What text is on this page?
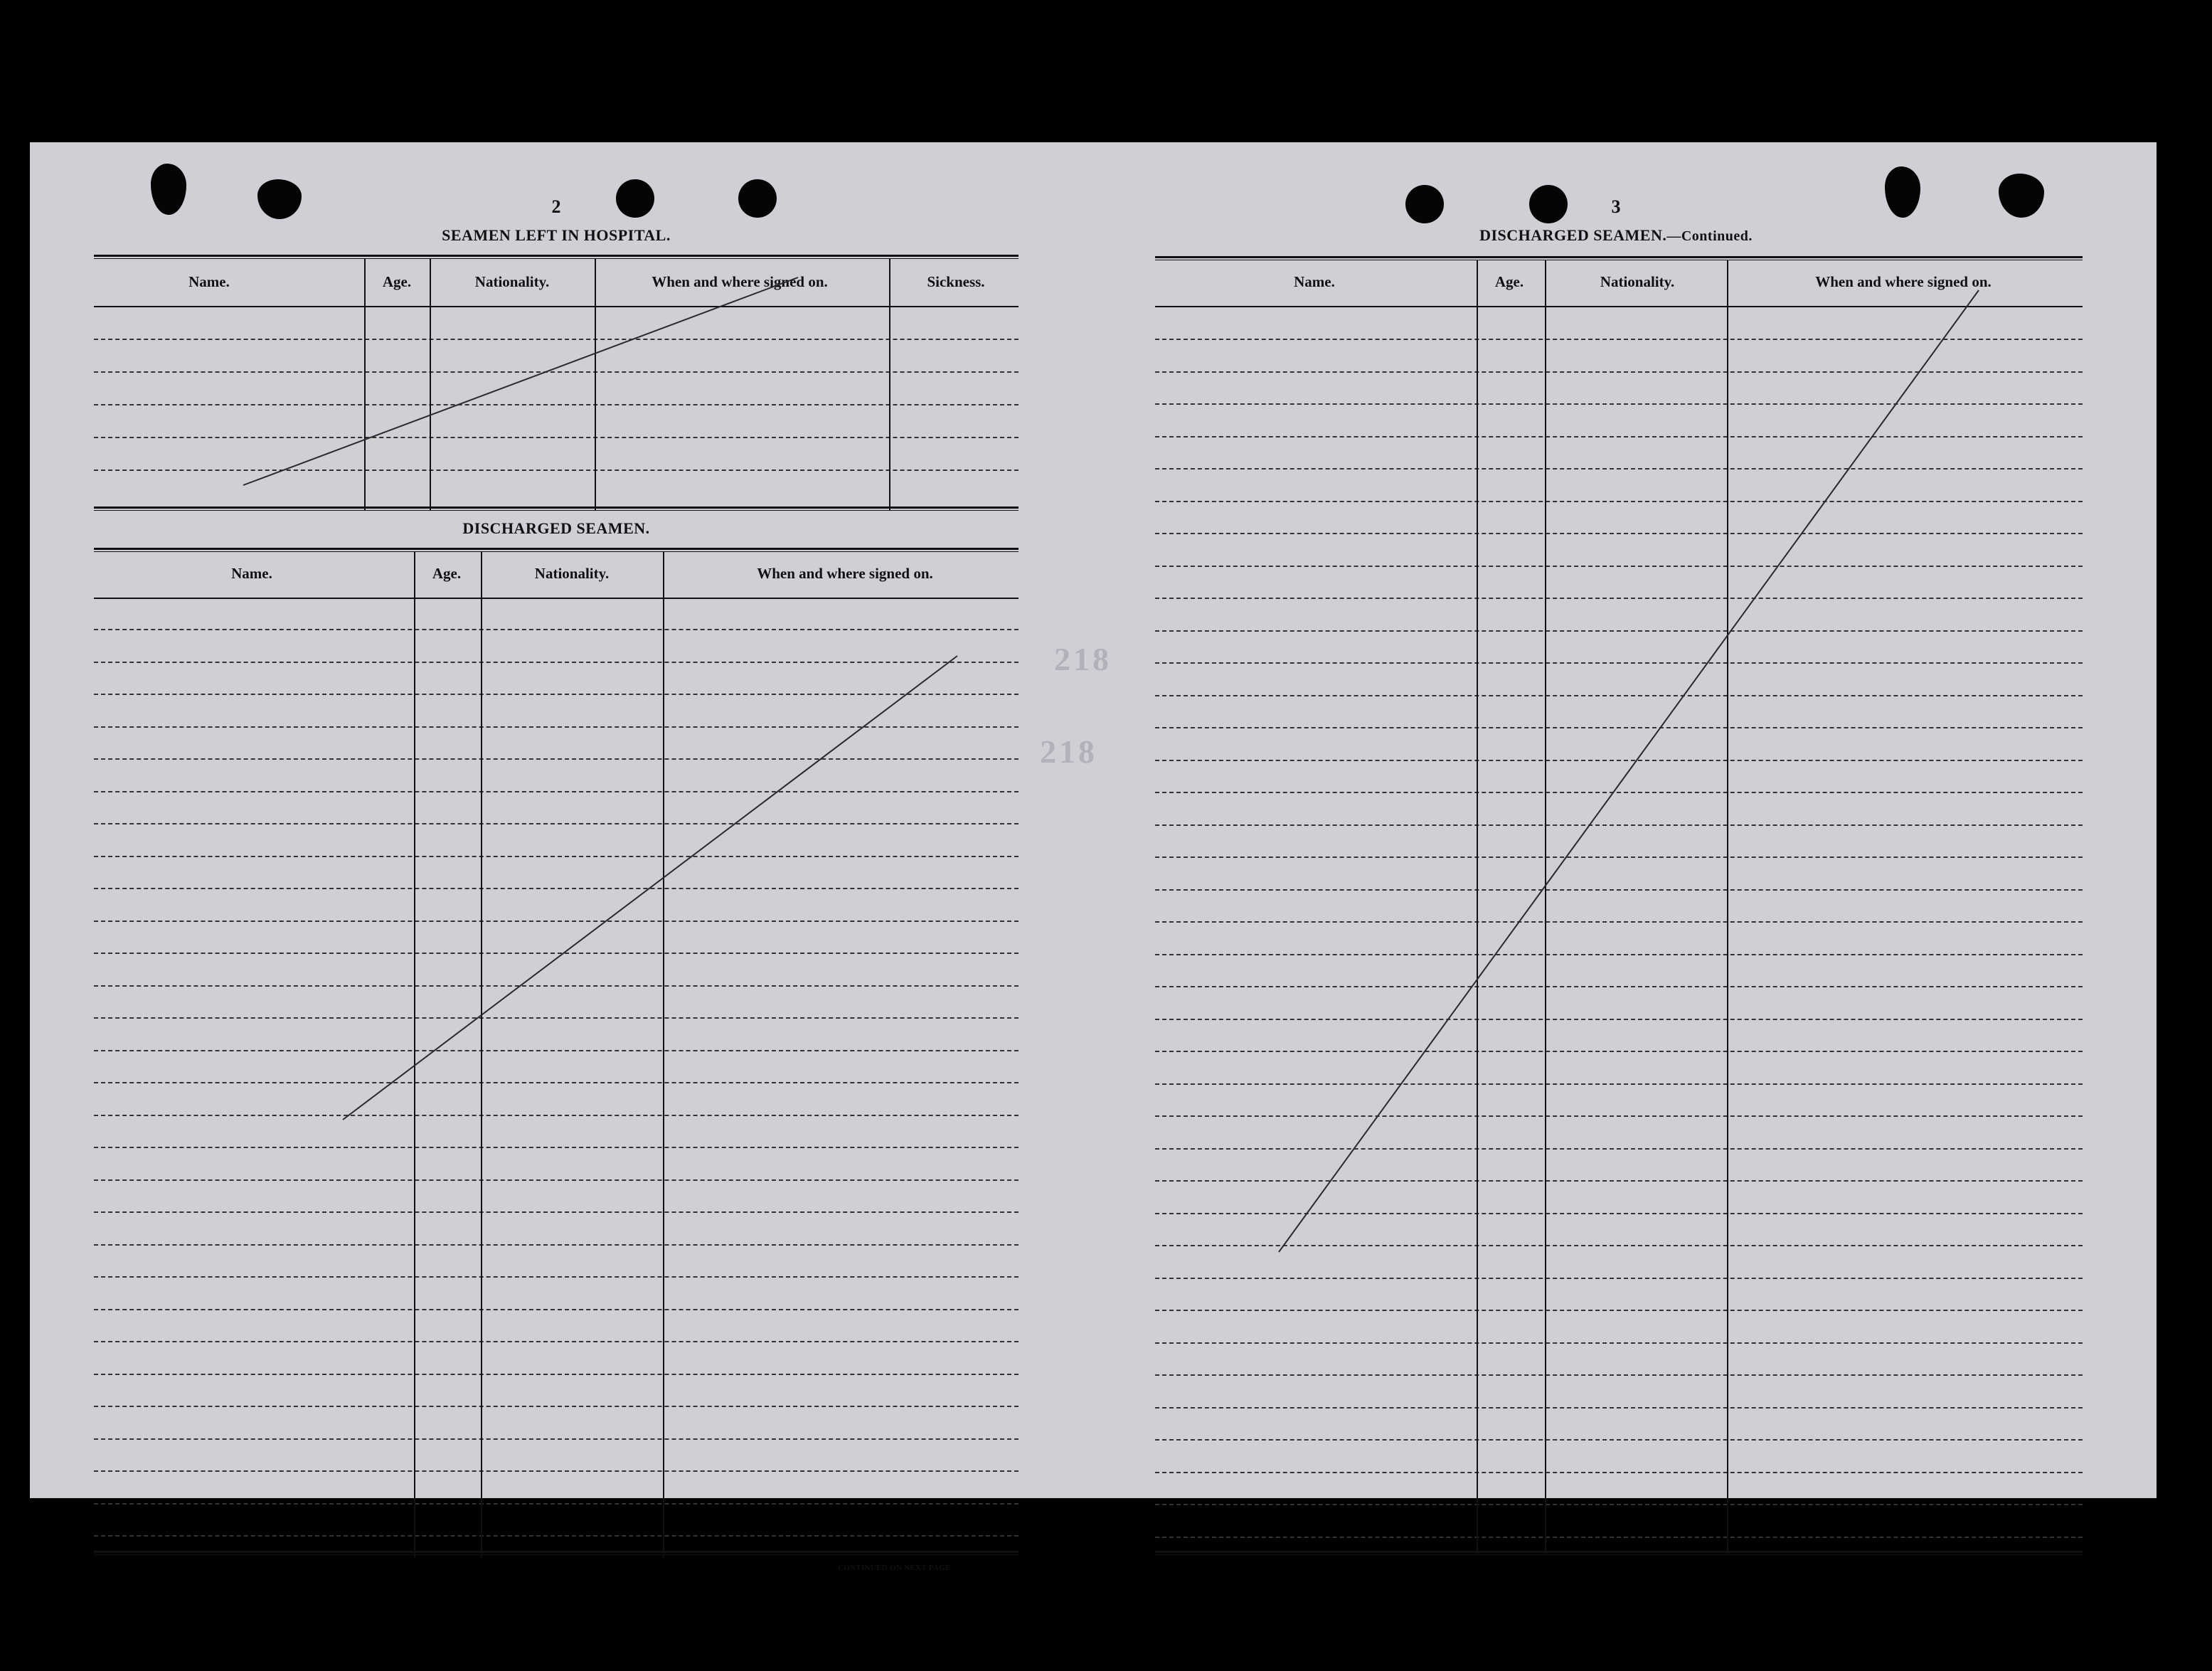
2	3
218
218
SEAMEN LEFT IN HOSPITAL.
Name.	Age.	Nationality.	When and where signed on.	Sickness.
DISCHARGED SEAMEN.
Name.	Age.	Nationality.	When and where signed on.
CONTINUED ON NEXT PAGE.
DISCHARGED SEAMEN.—Continued.
Name.	Age.	Nationality.	When and where signed on.
